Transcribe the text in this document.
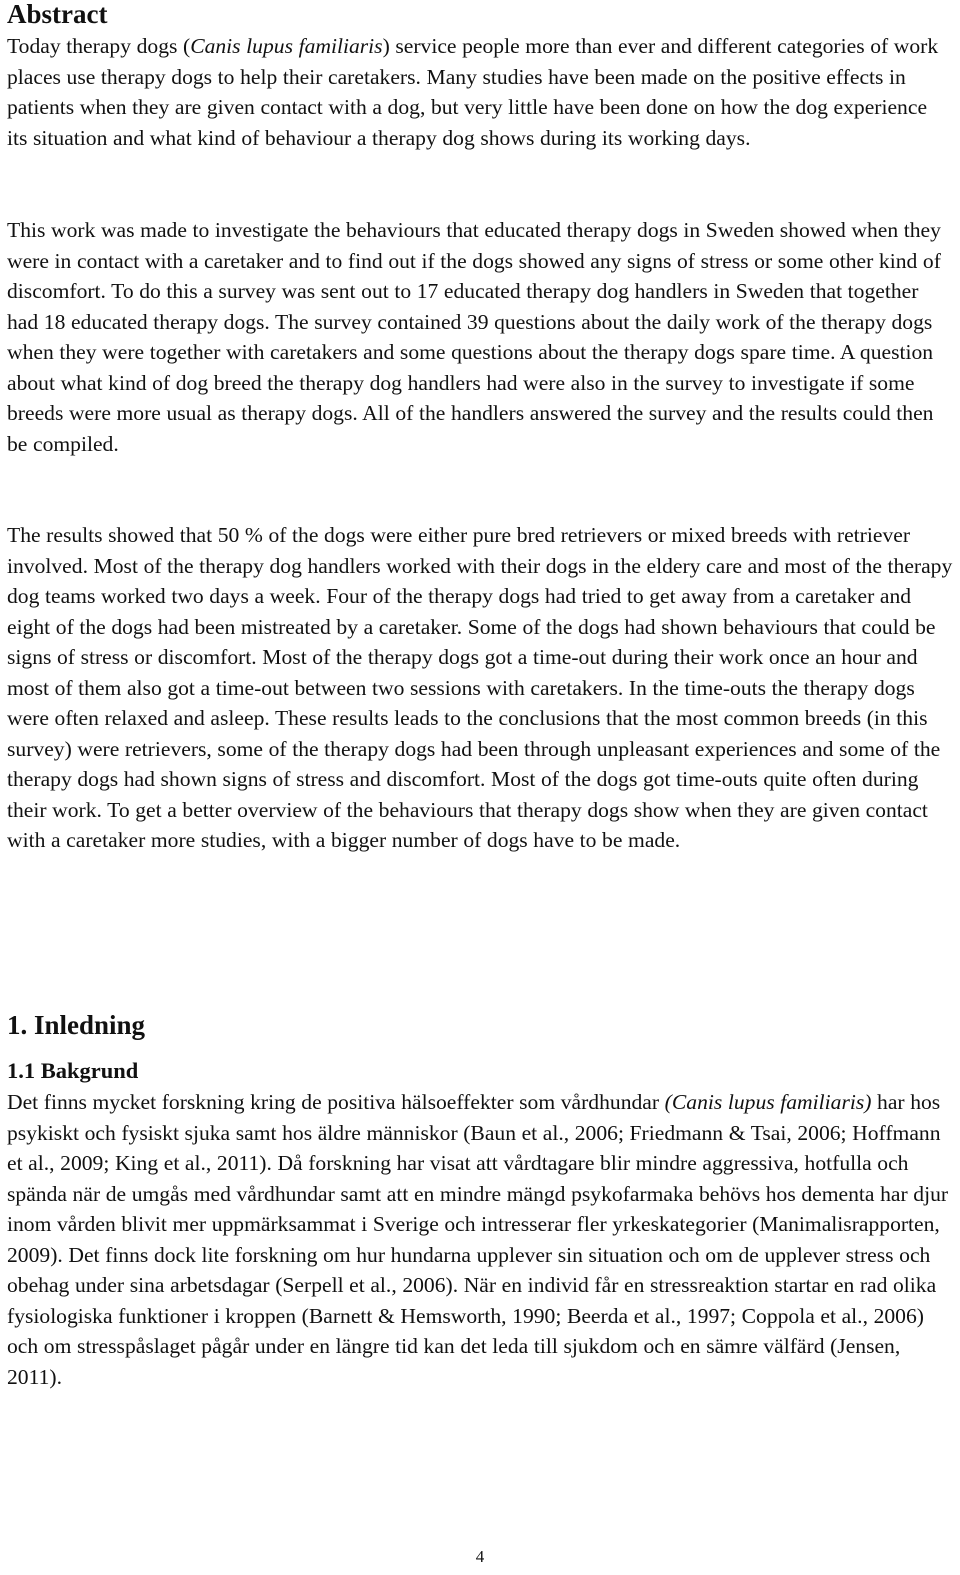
Abstract

Today therapy dogs (Canis lupus familiaris) service people more than ever and different categories of work places use therapy dogs to help their caretakers. Many studies have been made on the positive effects in patients when they are given contact with a dog, but very little have been done on how the dog experience its situation and what kind of behaviour a therapy dog shows during its working days.

This work was made to investigate the behaviours that educated therapy dogs in Sweden showed when they were in contact with a caretaker and to find out if the dogs showed any signs of stress or some other kind of discomfort. To do this a survey was sent out to 17 educated therapy dog handlers in Sweden that together had 18 educated therapy dogs. The survey contained 39 questions about the daily work of the therapy dogs when they were together with caretakers and some questions about the therapy dogs spare time. A question about what kind of dog breed the therapy dog handlers had were also in the survey to investigate if some breeds were more usual as therapy dogs. All of the handlers answered the survey and the results could then be compiled.

The results showed that 50 % of the dogs were either pure bred retrievers or mixed breeds with retriever involved. Most of the therapy dog handlers worked with their dogs in the eldery care and most of the therapy dog teams worked two days a week. Four of the therapy dogs had tried to get away from a caretaker and eight of the dogs had been mistreated by a caretaker. Some of the dogs had shown behaviours that could be signs of stress or discomfort. Most of the therapy dogs got a time-out during their work once an hour and most of them also got a time-out between two sessions with caretakers. In the time-outs the therapy dogs were often relaxed and asleep. These results leads to the conclusions that the most common breeds (in this survey) were retrievers, some of the therapy dogs had been through unpleasant experiences and some of the therapy dogs had shown signs of stress and discomfort. Most of the dogs got time-outs quite often during their work. To get a better overview of the behaviours that therapy dogs show when they are given contact with a caretaker more studies, with a bigger number of dogs have to be made.

1. Inledning
1.1 Bakgrund

Det finns mycket forskning kring de positiva hälsoeffekter som vårdhundar (Canis lupus familiaris) har hos psykiskt och fysiskt sjuka samt hos äldre människor (Baun et al., 2006; Friedmann & Tsai, 2006; Hoffmann et al., 2009; King et al., 2011). Då forskning har visat att vårdtagare blir mindre aggressiva, hotfulla och spända när de umgås med vårdhundar samt att en mindre mängd psykofarmaka behövs hos dementa har djur inom vården blivit mer uppmärksammat i Sverige och intresserar fler yrkeskategorier (Manimalisrapporten, 2009). Det finns dock lite forskning om hur hundarna upplever sin situation och om de upplever stress och obehag under sina arbetsdagar (Serpell et al., 2006). När en individ får en stressreaktion startar en rad olika fysiologiska funktioner i kroppen (Barnett & Hemsworth, 1990; Beerda et al., 1997; Coppola et al., 2006) och om stresspåslaget pågår under en längre tid kan det leda till sjukdom och en sämre välfärd (Jensen, 2011).

4
